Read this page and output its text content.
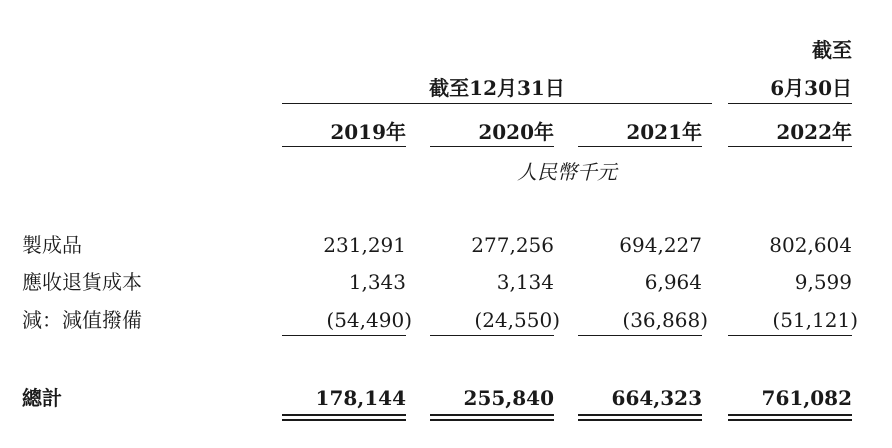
截至
截至12月31日	6月30日
2019年	2020年	2021年	2022年
人民幣千元
製成品	231,291	277,256	694,227	802,604
應收退貨成本	1,343	3,134	6,964	9,599
減：減值撥備	(54,490)	(24,550)	(36,868)	(51,121)
總計	178,144	255,840	664,323	761,082
